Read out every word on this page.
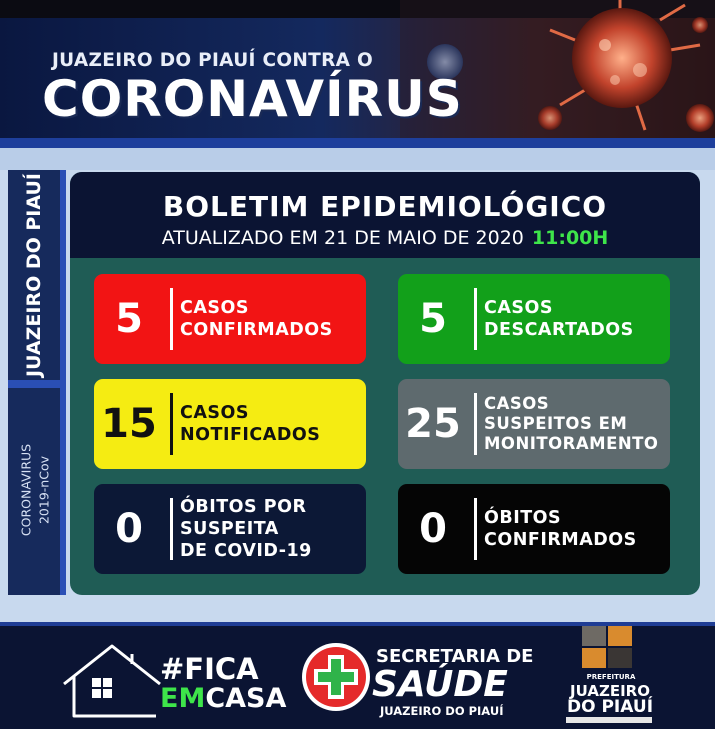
JUAZEIRO DO PIAUÍ CONTRA O
CORONAVÍRUS
JUAZEIRO DO PIAUÍ
CORONAVIRUS 2019-nCov
BOLETIM EPIDEMIOLÓGICO
ATUALIZADO EM 21 DE MAIO DE 2020 11:00H
5	CASOS
CONFIRMADOS	5	CASOS
DESCARTADOS
15	CASOS
NOTIFICADOS 25	CASOS
SUSPEITOS EM
MONITORAMENTO
0	ÓBITOS POR
SUSPEITA
DE COVID-19	0	ÓBITOS
CONFIRMADOS
#FICA
EMCASA
SECRETARIA DE
SAÚDE
JUAZEIRO DO PIAUÍ
PREFEITURA
JUAZEIRO
DO PIAUÍ
